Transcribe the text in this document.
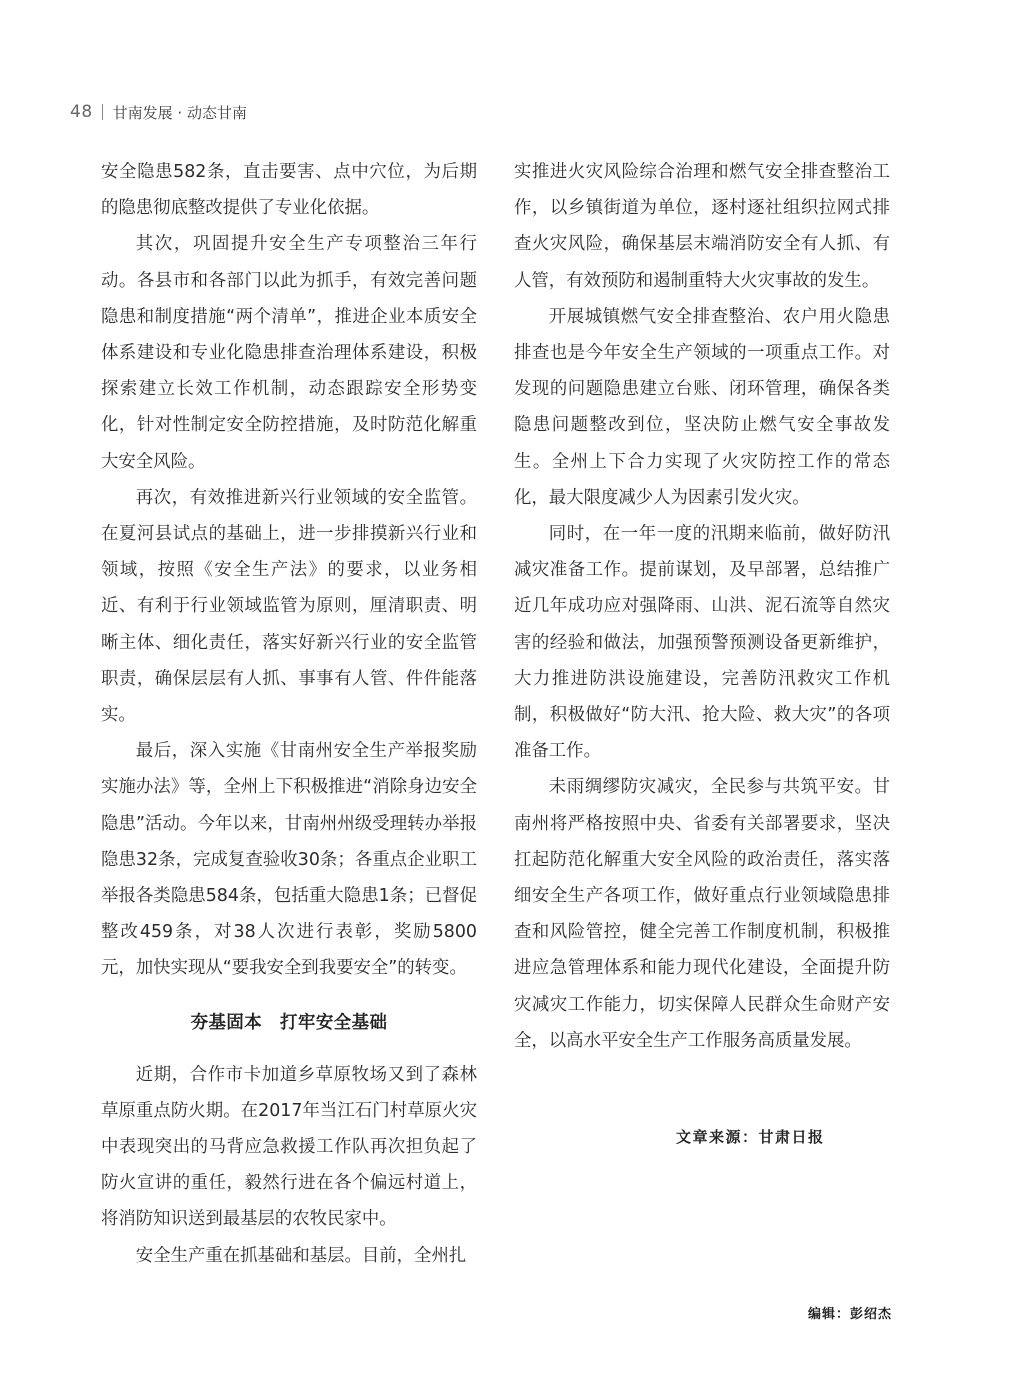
48 甘南发展 · 动态甘南

安全隐患582条，直击要害、点中穴位，为后期的隐患彻底整改提供了专业化依据。

其次，巩固提升安全生产专项整治三年行动。各县市和各部门以此为抓手，有效完善问题隐患和制度措施“两个清单”，推进企业本质安全体系建设和专业化隐患排查治理体系建设，积极探索建立长效工作机制，动态跟踪安全形势变化，针对性制定安全防控措施，及时防范化解重大安全风险。

再次，有效推进新兴行业领域的安全监管。在夏河县试点的基础上，进一步排摸新兴行业和领域，按照《安全生产法》的要求，以业务相近、有利于行业领域监管为原则，厘清职责、明晰主体、细化责任，落实好新兴行业的安全监管职责，确保层层有人抓、事事有人管、件件能落实。

最后，深入实施《甘南州安全生产举报奖励实施办法》等，全州上下积极推进“消除身边安全隐患”活动。今年以来，甘南州州级受理转办举报隐患32条，完成复查验收30条；各重点企业职工举报各类隐患584条，包括重大隐患1条；已督促整改459条，对38人次进行表彰，奖励5800元，加快实现从“要我安全到我要安全”的转变。

夯基固本　打牢安全基础

近期，合作市卡加道乡草原牧场又到了森林草原重点防火期。在2017年当江石门村草原火灾中表现突出的马背应急救援工作队再次担负起了防火宣讲的重任，毅然行进在各个偏远村道上，将消防知识送到最基层的农牧民家中。

安全生产重在抓基础和基层。目前，全州扎

实推进火灾风险综合治理和燃气安全排查整治工作，以乡镇街道为单位，逐村逐社组织拉网式排查火灾风险，确保基层末端消防安全有人抓、有人管，有效预防和遏制重特大火灾事故的发生。

开展城镇燃气安全排查整治、农户用火隐患排查也是今年安全生产领域的一项重点工作。对发现的问题隐患建立台账、闭环管理，确保各类隐患问题整改到位，坚决防止燃气安全事故发生。全州上下合力实现了火灾防控工作的常态化，最大限度减少人为因素引发火灾。

同时，在一年一度的汛期来临前，做好防汛减灾准备工作。提前谋划，及早部署，总结推广近几年成功应对强降雨、山洪、泥石流等自然灾害的经验和做法，加强预警预测设备更新维护，大力推进防洪设施建设，完善防汛救灾工作机制，积极做好“防大汛、抢大险、救大灾”的各项准备工作。

未雨绸缪防灾减灾，全民参与共筑平安。甘南州将严格按照中央、省委有关部署要求，坚决扛起防范化解重大安全风险的政治责任，落实落细安全生产各项工作，做好重点行业领域隐患排查和风险管控，健全完善工作制度机制，积极推进应急管理体系和能力现代化建设，全面提升防灾减灾工作能力，切实保障人民群众生命财产安全，以高水平安全生产工作服务高质量发展。

文章来源：甘肃日报
编辑：彭绍杰
